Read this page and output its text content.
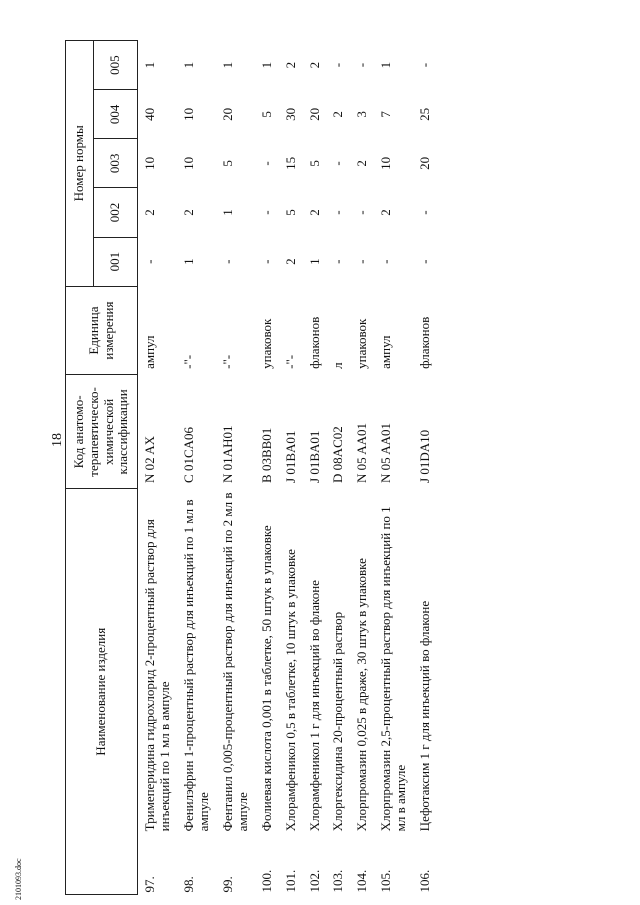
18
2101093.doc
Наименование изделия		Код анатомо-терапевтическо-химической классификации	Единица измерения	Номер нормы				
				001	002	003	004	005
97.	Тримеперидина гидрохлорид 2-процентный раствор для инъекций по 1 мл в ампуле	N 02 AX	ампул	-	2	10	40	1
98.	Фенилэфрин 1-процентный раствор для инъекций по 1 мл в ампуле	C 01CA06	-"-	1	2	10	10	1
99.	Фентанил 0,005-процентный раствор для инъекций по 2 мл в ампуле	N 01AH01	-"-	-	1	5	20	1
100.	Фолиевая кислота 0,001 в таблетке, 50 штук в упаковке	B 03BB01	упаковок	-	-	-	5	1
101.	Хлорамфеникол 0,5 в таблетке, 10 штук в упаковке	J 01BA01	-"-	2	5	15	30	2
102.	Хлорамфеникол 1 г для инъекций во флаконе	J 01BA01	флаконов	1	2	5	20	2
103.	Хлоргексидина 20-процентный раствор	D 08AC02	л	-	-	-	2	-
104.	Хлорпромазин 0,025 в драже, 30 штук в упаковке	N 05 AA01	упаковок	-	-	2	3	-
105.	Хлорпромазин 2,5-процентный раствор для инъекций по 1 мл в ампуле	N 05 AA01	ампул	-	2	10	7	1
106.	Цефотаксим 1 г для инъекций во флаконе	J 01DA10	флаконов	-	-	20	25	-
